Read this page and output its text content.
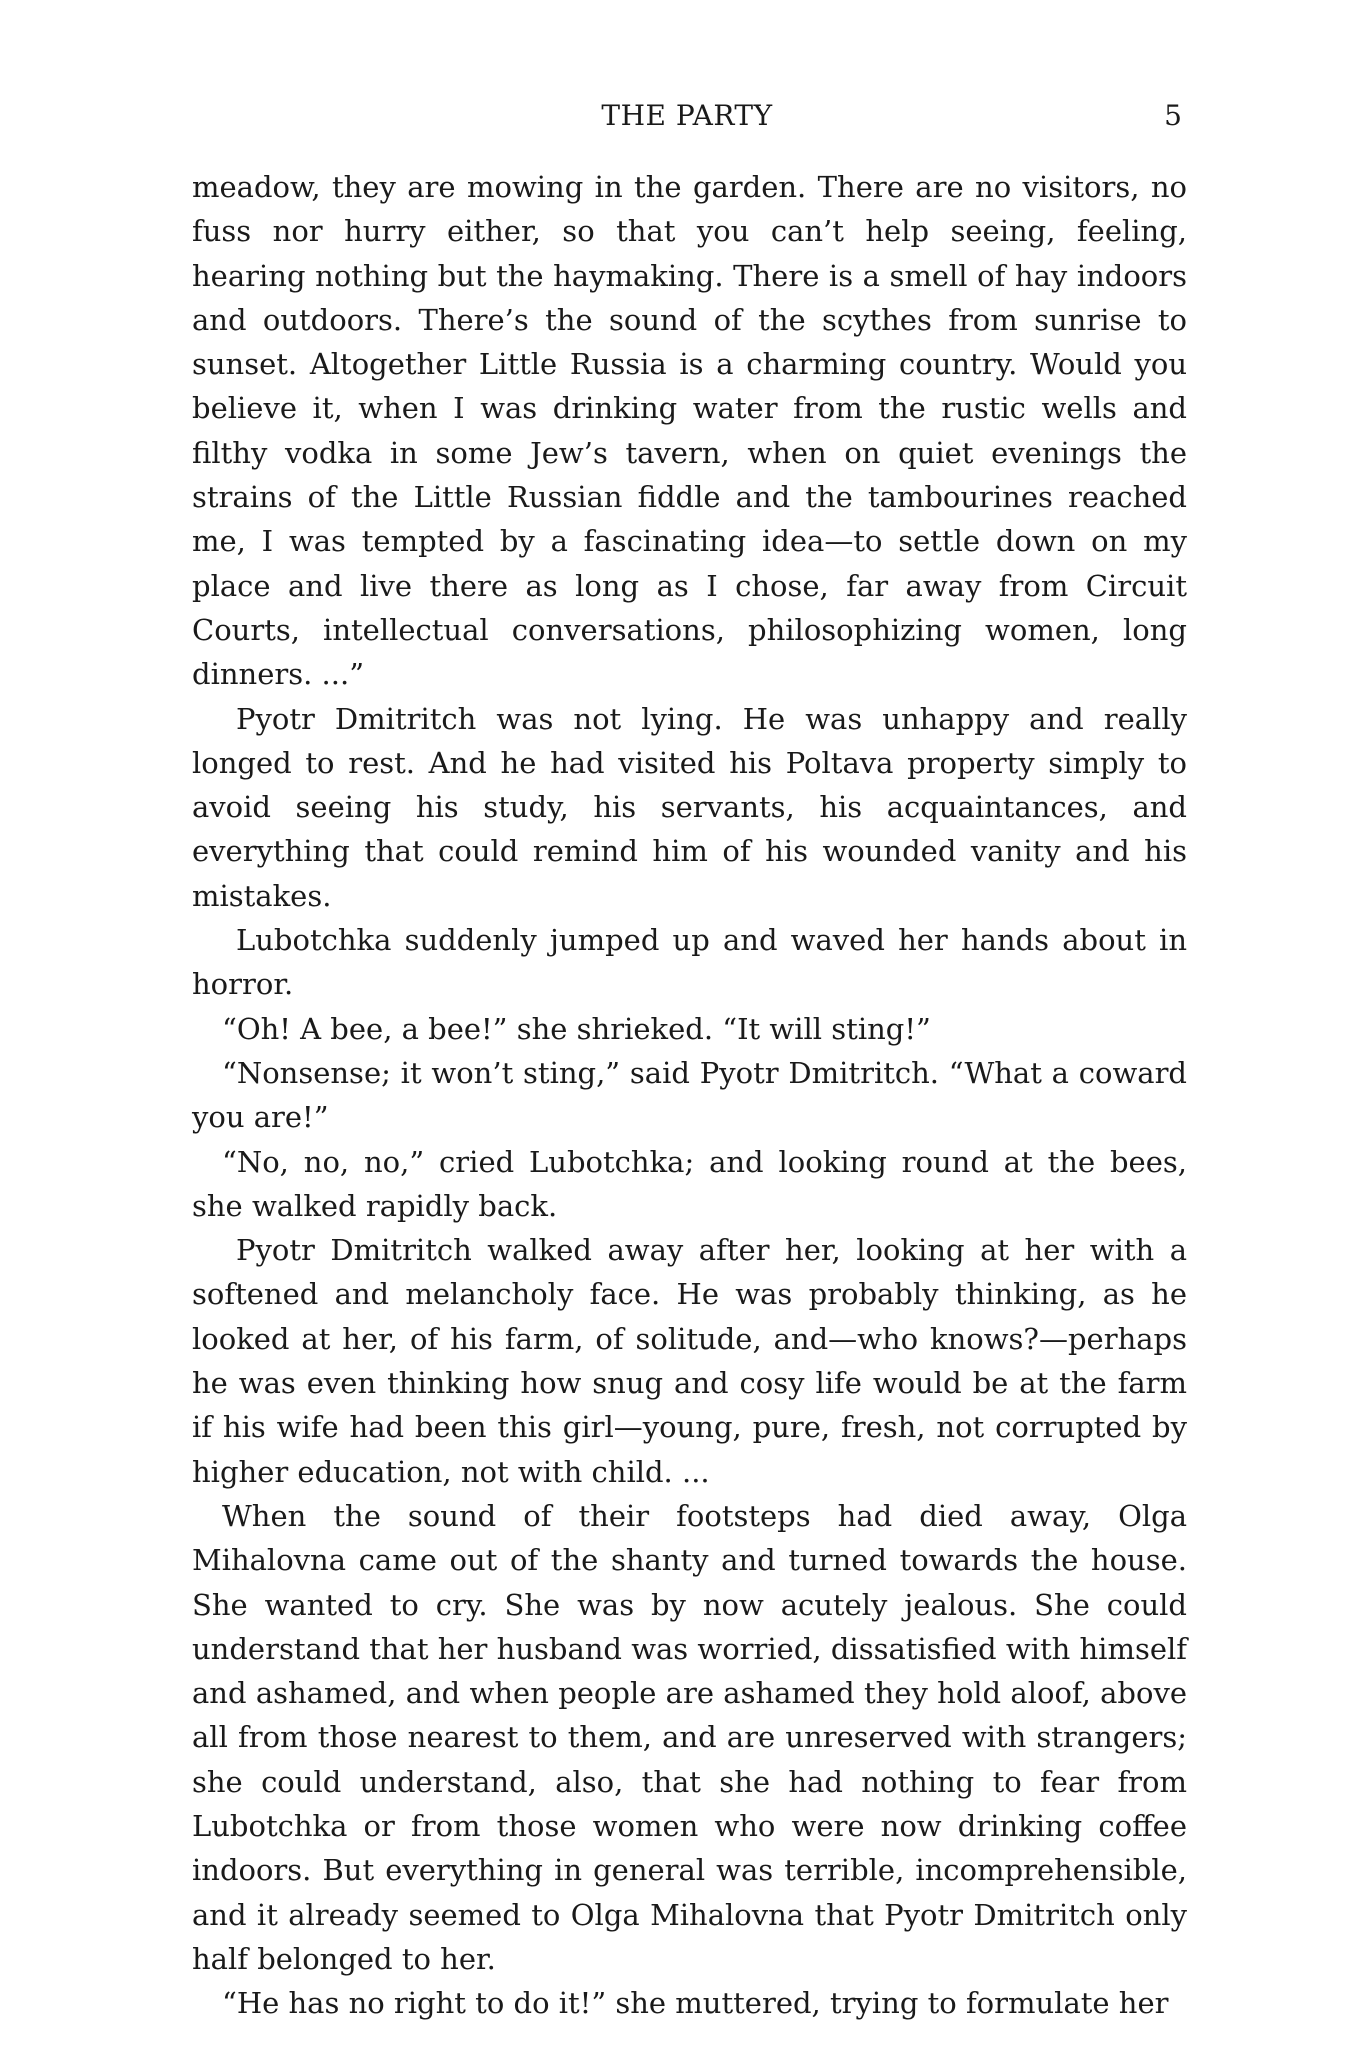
THE PARTY	5

meadow, they are mowing in the garden. There are no visitors, no fuss nor hurry either, so that you can’t help seeing, feeling, hearing nothing but the haymaking. There is a smell of hay indoors and outdoors. There’s the sound of the scythes from sunrise to sunset. Altogether Little Russia is a charming country. Would you believe it, when I was drinking water from the rustic wells and filthy vodka in some Jew’s tavern, when on quiet evenings the strains of the Little Russian fiddle and the tambourines reached me, I was tempted by a fascinating idea—to settle down on my place and live there as long as I chose, far away from Circuit Courts, intellectual conversations, philosophizing women, long dinners. ...”

Pyotr Dmitritch was not lying. He was unhappy and really longed to rest. And he had visited his Poltava property simply to avoid seeing his study, his servants, his acquaintances, and everything that could remind him of his wounded vanity and his mistakes.

Lubotchka suddenly jumped up and waved her hands about in horror.

“Oh! A bee, a bee!” she shrieked. “It will sting!”

“Nonsense; it won’t sting,” said Pyotr Dmitritch. “What a coward you are!”

“No, no, no,” cried Lubotchka; and looking round at the bees, she walked rapidly back.

Pyotr Dmitritch walked away after her, looking at her with a softened and melancholy face. He was probably thinking, as he looked at her, of his farm, of solitude, and—who knows?—perhaps he was even thinking how snug and cosy life would be at the farm if his wife had been this girl—young, pure, fresh, not corrupted by higher education, not with child. ...

When the sound of their footsteps had died away, Olga Mihalovna came out of the shanty and turned towards the house. She wanted to cry. She was by now acutely jealous. She could understand that her husband was worried, dissatisfied with himself and ashamed, and when people are ashamed they hold aloof, above all from those nearest to them, and are unreserved with strangers; she could understand, also, that she had nothing to fear from Lubotchka or from those women who were now drinking coffee indoors. But everything in general was terrible, incomprehensible, and it already seemed to Olga Mihalovna that Pyotr Dmitritch only half belonged to her.

“He has no right to do it!” she muttered, trying to formulate her
